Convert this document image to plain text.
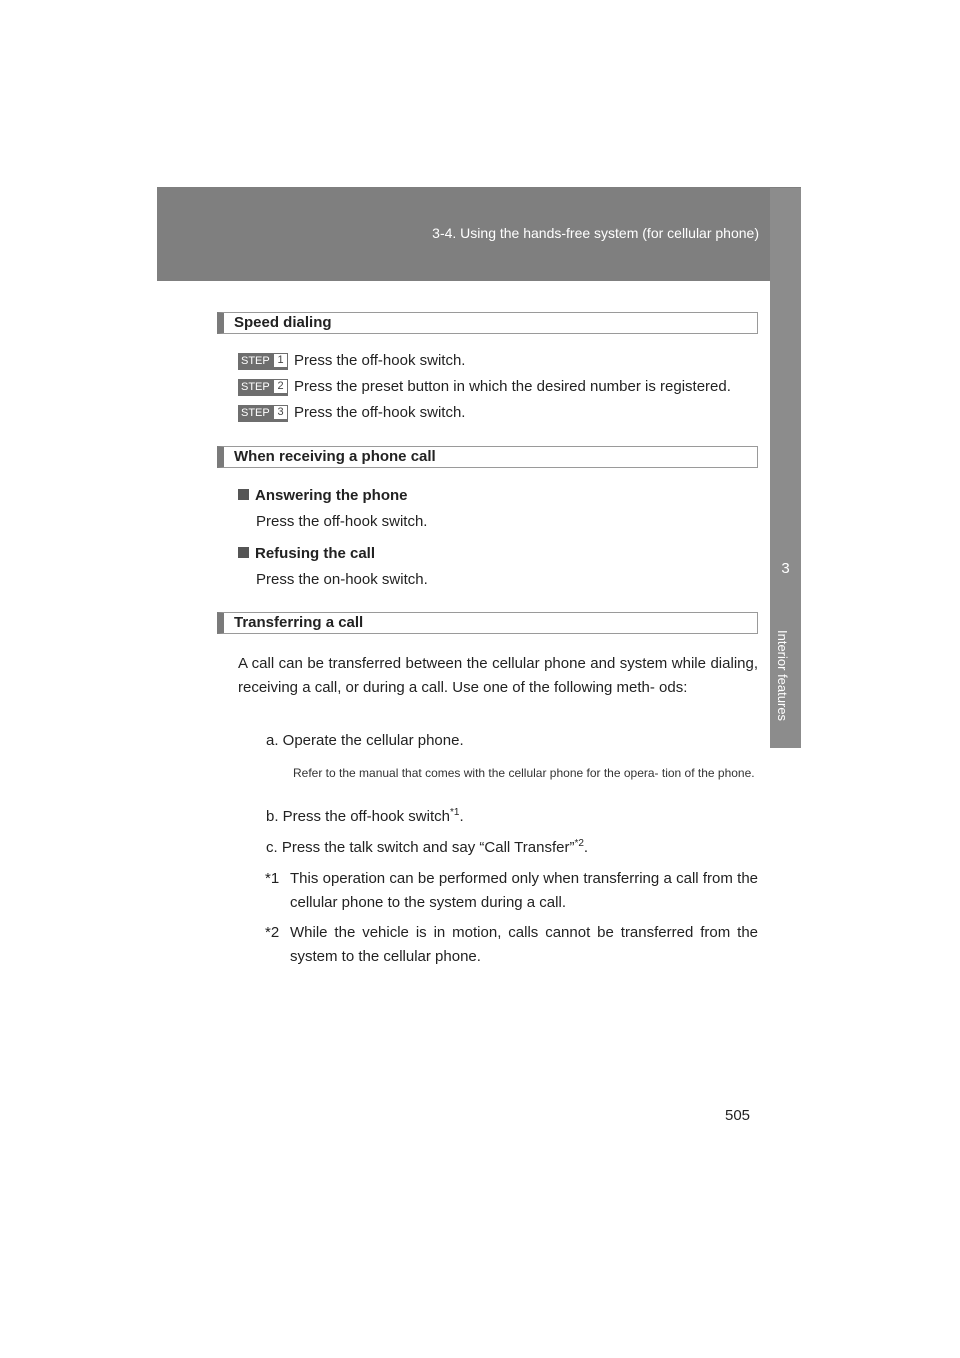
3-4. Using the hands-free system (for cellular phone)
3
Interior features
Speed dialing
STEP 1 Press the off-hook switch.
STEP 2 Press the preset button in which the desired number is registered.
STEP 3 Press the off-hook switch.
When receiving a phone call
Answering the phone
Press the off-hook switch.
Refusing the call
Press the on-hook switch.
Transferring a call
A call can be transferred between the cellular phone and system while dialing, receiving a call, or during a call. Use one of the following meth- ods:
a. Operate the cellular phone.
Refer to the manual that comes with the cellular phone for the opera- tion of the phone.
b. Press the off-hook switch$^{*1}$.
c. Press the talk switch and say “Call Transfer”$^{*2}$.
*1 This operation can be performed only when transferring a call from the cellular phone to the system during a call.
*2 While the vehicle is in motion, calls cannot be transferred from the system to the cellular phone.
505
